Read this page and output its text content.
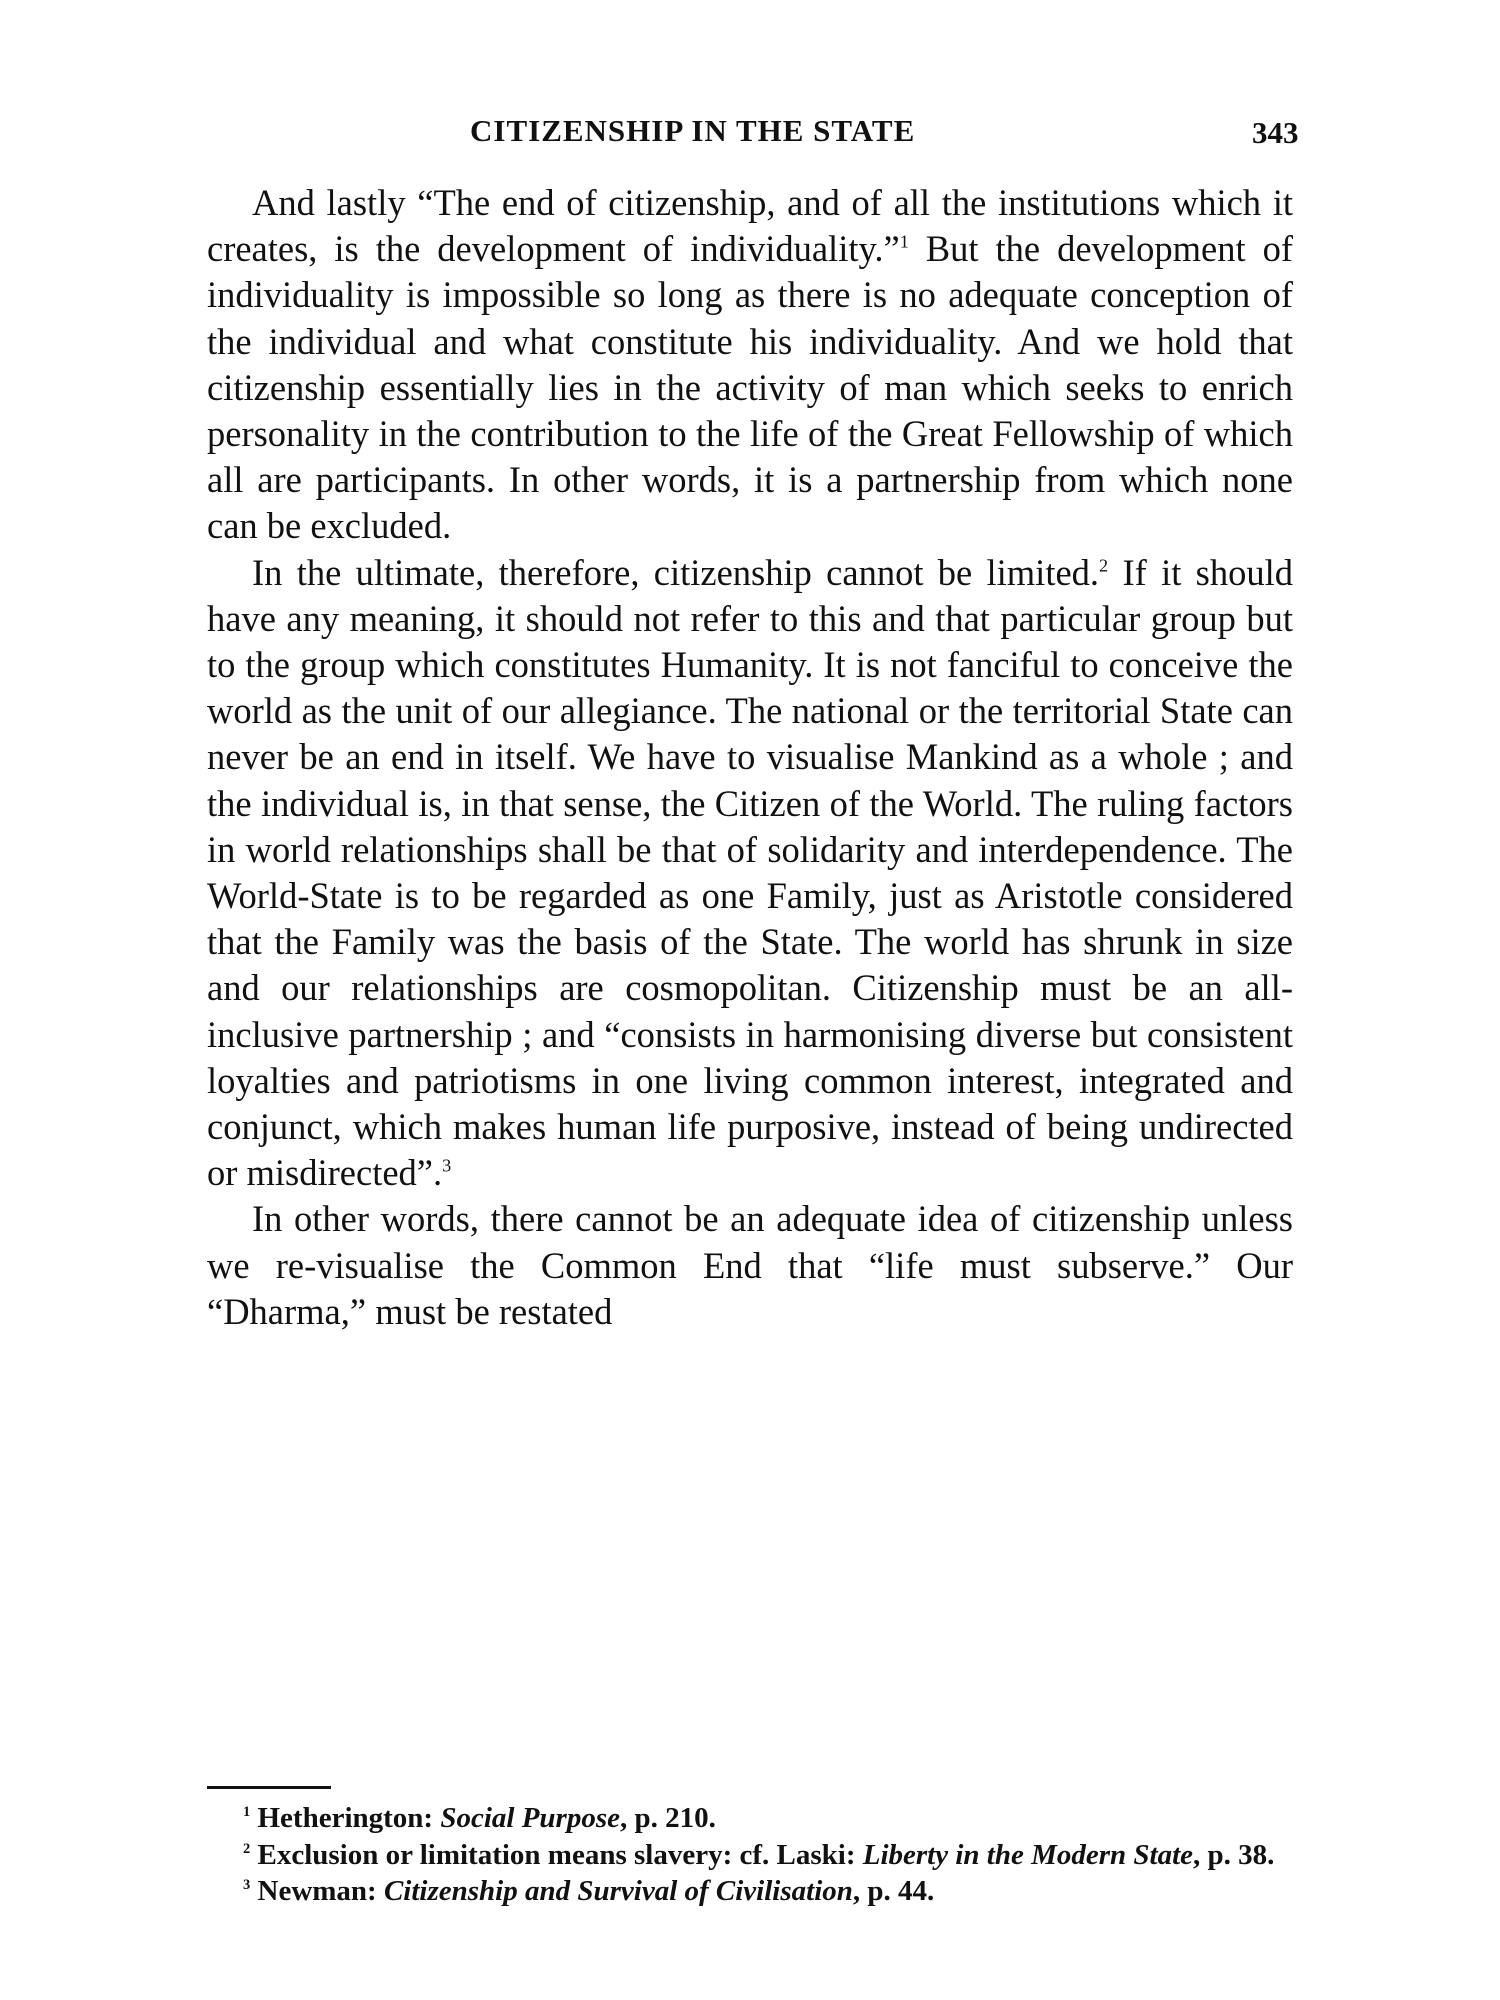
CITIZENSHIP IN THE STATE	343

And lastly “The end of citizenship, and of all the institutions which it creates, is the development of individuality.”$^1$ But the development of individuality is impossible so long as there is no adequate conception of the individual and what constitute his individuality. And we hold that citizenship essentially lies in the activity of man which seeks to enrich personality in the contribution to the life of the Great Fellowship of which all are participants. In other words, it is a partnership from which none can be excluded.

In the ultimate, therefore, citizenship cannot be limited.$^2$ If it should have any meaning, it should not refer to this and that particular group but to the group which constitutes Humanity. It is not fanciful to conceive the world as the unit of our allegiance. The national or the territorial State can never be an end in itself. We have to visualise Mankind as a whole ; and the individual is, in that sense, the Citizen of the World. The ruling factors in world relationships shall be that of solidarity and interdependence. The World-State is to be regarded as one Family, just as Aristotle considered that the Family was the basis of the State. The world has shrunk in size and our relationships are cosmopolitan. Citizenship must be an all-inclusive partnership ; and “consists in harmonising diverse but consistent loyalties and patriotisms in one living common interest, integrated and conjunct, which makes human life purposive, instead of being undirected or misdirected”.$^3$

In other words, there cannot be an adequate idea of citizenship unless we re-visualise the Common End that “life must subserve.” Our “Dharma,” must be restated

$^1$ Hetherington: Social Purpose, p. 210.

$^2$ Exclusion or limitation means slavery: cf. Laski: Liberty in the Modern State, p. 38.

$^3$ Newman: Citizenship and Survival of Civilisation, p. 44.
